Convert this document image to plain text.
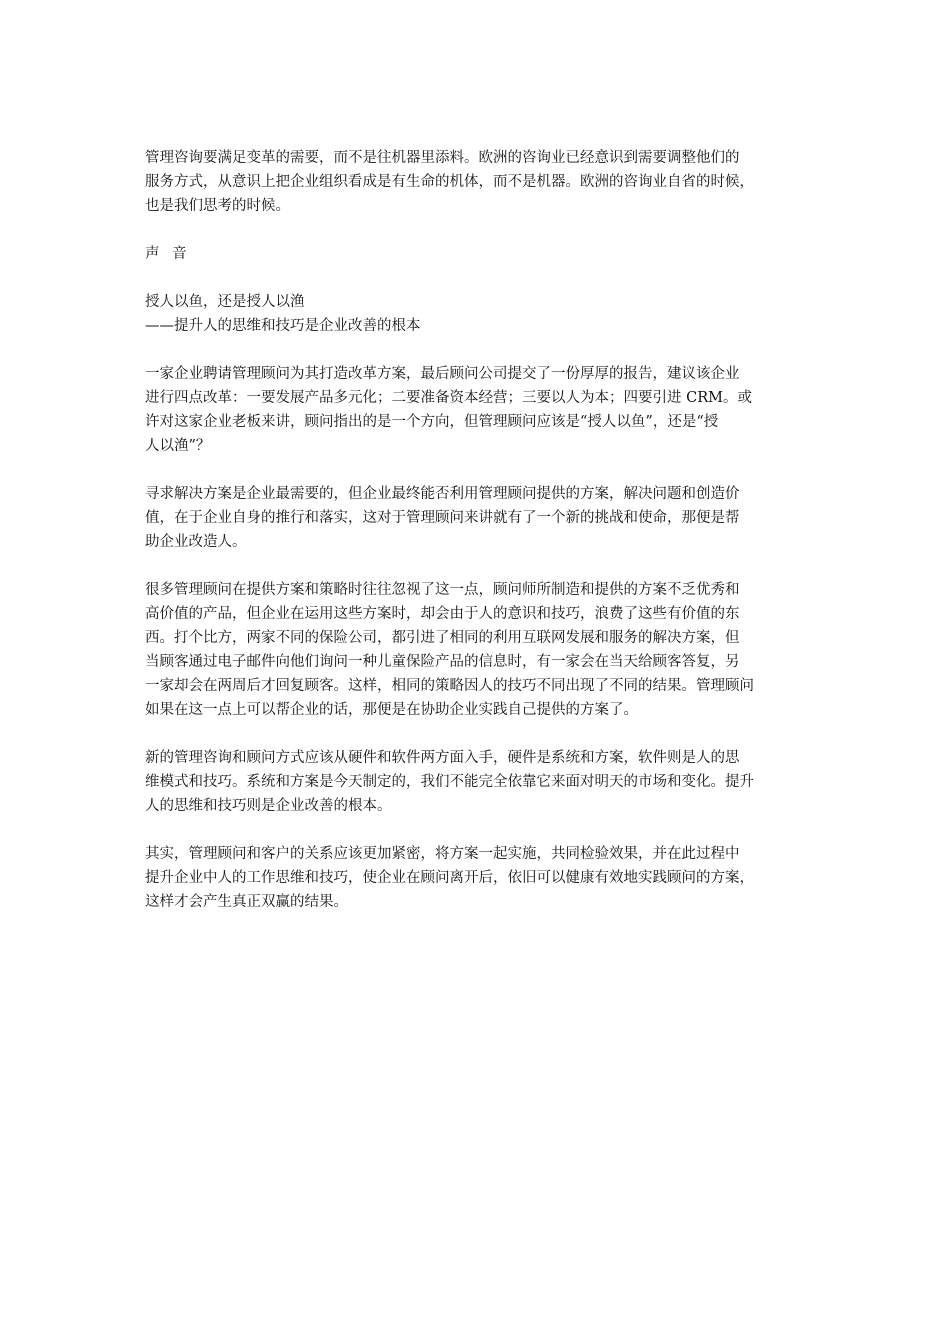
管理咨询要满足变革的需要，而不是往机器里添料。欧洲的咨询业已经意识到需要调整他们的
服务方式，从意识上把企业组织看成是有生命的机体，而不是机器。欧洲的咨询业自省的时候，
也是我们思考的时候。
声 音
授人以鱼，还是授人以渔
——提升人的思维和技巧是企业改善的根本
一家企业聘请管理顾问为其打造改革方案，最后顾问公司提交了一份厚厚的报告，建议该企业
进行四点改革：一要发展产品多元化；二要准备资本经营；三要以人为本；四要引进 CRM。或
许对这家企业老板来讲，顾问指出的是一个方向，但管理顾问应该是“授人以鱼”，还是“授
人以渔”？
寻求解决方案是企业最需要的，但企业最终能否利用管理顾问提供的方案，解决问题和创造价
值，在于企业自身的推行和落实，这对于管理顾问来讲就有了一个新的挑战和使命，那便是帮
助企业改造人。
很多管理顾问在提供方案和策略时往往忽视了这一点，顾问师所制造和提供的方案不乏优秀和
高价值的产品，但企业在运用这些方案时，却会由于人的意识和技巧，浪费了这些有价值的东
西。打个比方，两家不同的保险公司，都引进了相同的利用互联网发展和服务的解决方案，但
当顾客通过电子邮件向他们询问一种儿童保险产品的信息时，有一家会在当天给顾客答复，另
一家却会在两周后才回复顾客。这样，相同的策略因人的技巧不同出现了不同的结果。管理顾问
如果在这一点上可以帮企业的话，那便是在协助企业实践自己提供的方案了。
新的管理咨询和顾问方式应该从硬件和软件两方面入手，硬件是系统和方案，软件则是人的思
维模式和技巧。系统和方案是今天制定的，我们不能完全依靠它来面对明天的市场和变化。提升
人的思维和技巧则是企业改善的根本。
其实，管理顾问和客户的关系应该更加紧密，将方案一起实施，共同检验效果，并在此过程中
提升企业中人的工作思维和技巧，使企业在顾问离开后，依旧可以健康有效地实践顾问的方案，
这样才会产生真正双赢的结果。
